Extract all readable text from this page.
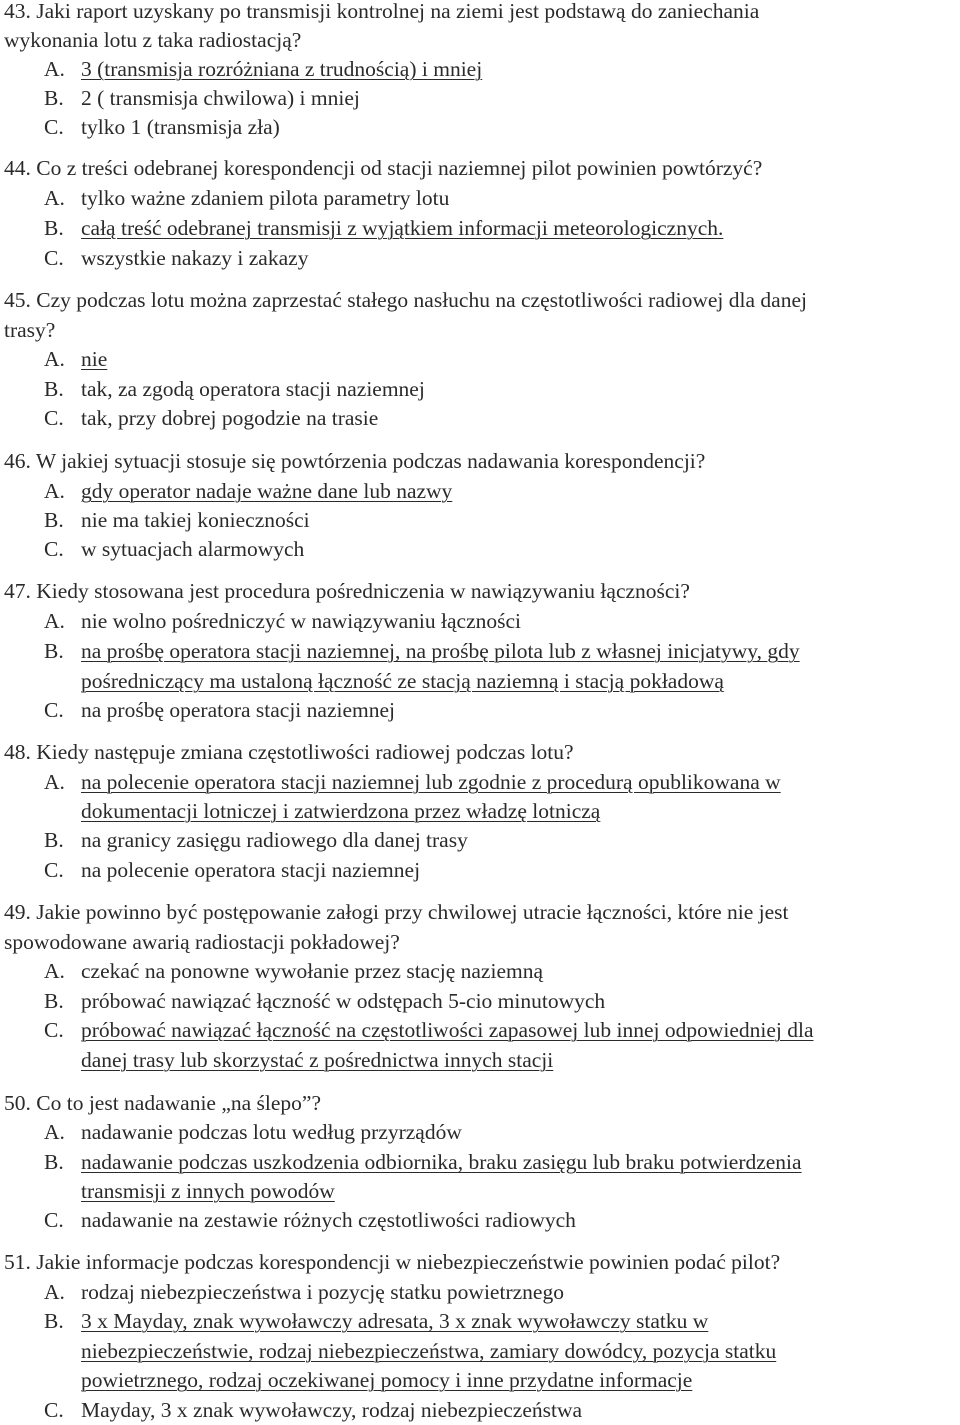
43. Jaki raport uzyskany po transmisji kontrolnej na ziemi jest podstawą do zaniechania
wykonania lotu z taka radiostacją?
A. 3 (transmisja rozróżniana z trudnością) i mniej
B. 2 ( transmisja chwilowa) i mniej
C. tylko 1 (transmisja zła)
44. Co z treści odebranej korespondencji od stacji naziemnej pilot powinien powtórzyć?
A. tylko ważne zdaniem pilota parametry lotu
B. całą treść odebranej transmisji z wyjątkiem informacji meteorologicznych.
C. wszystkie nakazy i zakazy
45. Czy podczas lotu można zaprzestać stałego nasłuchu na częstotliwości radiowej dla danej
trasy?
A. nie
B. tak, za zgodą operatora stacji naziemnej
C. tak, przy dobrej pogodzie na trasie
46. W jakiej sytuacji stosuje się powtórzenia podczas nadawania korespondencji?
A. gdy operator nadaje ważne dane lub nazwy
B. nie ma takiej konieczności
C. w sytuacjach alarmowych
47. Kiedy stosowana jest procedura pośredniczenia w nawiązywaniu łączności?
A. nie wolno pośredniczyć w nawiązywaniu łączności
B. na prośbę operatora stacji naziemnej, na prośbę pilota lub z własnej inicjatywy, gdy
pośredniczący ma ustaloną łączność ze stacją naziemną i stacją pokładową
C. na prośbę operatora stacji naziemnej
48. Kiedy następuje zmiana częstotliwości radiowej podczas lotu?
A. na polecenie operatora stacji naziemnej lub zgodnie z procedurą opublikowana w
dokumentacji lotniczej i zatwierdzona przez władzę lotniczą
B. na granicy zasięgu radiowego dla danej trasy
C. na polecenie operatora stacji naziemnej
49. Jakie powinno być postępowanie załogi przy chwilowej utracie łączności, które nie jest
spowodowane awarią radiostacji pokładowej?
A. czekać na ponowne wywołanie przez stację naziemną
B. próbować nawiązać łączność w odstępach 5-cio minutowych
C. próbować nawiązać łączność na częstotliwości zapasowej lub innej odpowiedniej dla
danej trasy lub skorzystać z pośrednictwa innych stacji
50. Co to jest nadawanie „na ślepo”?
A. nadawanie podczas lotu według przyrządów
B. nadawanie podczas uszkodzenia odbiornika, braku zasięgu lub braku potwierdzenia
transmisji z innych powodów
C. nadawanie na zestawie różnych częstotliwości radiowych
51. Jakie informacje podczas korespondencji w niebezpieczeństwie powinien podać pilot?
A. rodzaj niebezpieczeństwa i pozycję statku powietrznego
B. 3 x Mayday, znak wywoławczy adresata, 3 x znak wywoławczy statku w
niebezpieczeństwie, rodzaj niebezpieczeństwa, zamiary dowódcy, pozycja statku
powietrznego, rodzaj oczekiwanej pomocy i inne przydatne informacje
C. Mayday, 3 x znak wywoławczy, rodzaj niebezpieczeństwa
